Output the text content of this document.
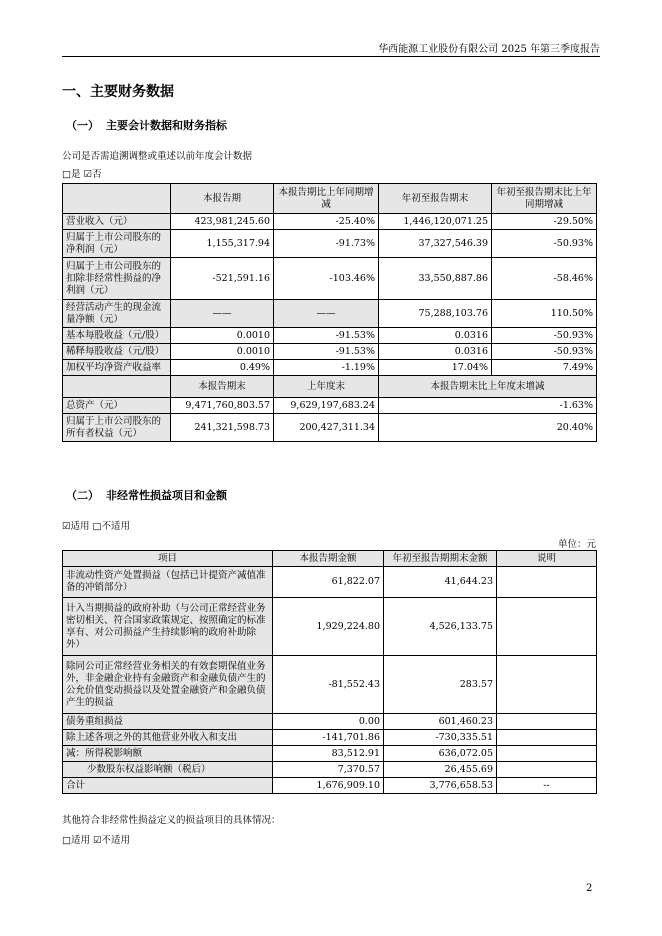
华西能源工业股份有限公司 2025 年第三季度报告
一、主要财务数据
（一） 主要会计数据和财务指标
公司是否需追溯调整或重述以前年度会计数据
□是 ☑否
	本报告期	本报告期比上年同期增减	年初至报告期末	年初至报告期末比上年同期增减
营业收入（元）	423,981,245.60	-25.40%	1,446,120,071.25	-29.50%
归属于上市公司股东的净利润（元）	1,155,317.94	-91.73%	37,327,546.39	-50.93%
归属于上市公司股东的扣除非经常性损益的净利润（元）	-521,591.16	-103.46%	33,550,887.86	-58.46%
经营活动产生的现金流量净额（元）	——	——	75,288,103.76	110.50%
基本每股收益（元/股）	0.0010	-91.53%	0.0316	-50.93%
稀释每股收益（元/股）	0.0010	-91.53%	0.0316	-50.93%
加权平均净资产收益率	0.49%	-1.19%	17.04%	7.49%
	本报告期末	上年度末	本报告期末比上年度末增减	
总资产（元）	9,471,760,803.57	9,629,197,683.24	-1.63%	
归属于上市公司股东的所有者权益（元）	241,321,598.73	200,427,311.34	20.40%	
（二） 非经常性损益项目和金额
☑适用 □不适用
单位：元
项目	本报告期金额	年初至报告期期末金额	说明
非流动性资产处置损益（包括已计提资产减值准备的冲销部分）	61,822.07	41,644.23	
计入当期损益的政府补助（与公司正常经营业务密切相关、符合国家政策规定、按照确定的标准享有、对公司损益产生持续影响的政府补助除外）	1,929,224.80	4,526,133.75	
除同公司正常经营业务相关的有效套期保值业务外，非金融企业持有金融资产和金融负债产生的公允价值变动损益以及处置金融资产和金融负债产生的损益	-81,552.43	283.57	
债务重组损益	0.00	601,460.23	
除上述各项之外的其他营业外收入和支出	-141,701.86	-730,335.51	
减：所得税影响额	83,512.91	636,072.05	
少数股东权益影响额（税后）	7,370.57	26,455.69	
合计	1,676,909.10	3,776,658.53	--
其他符合非经常性损益定义的损益项目的具体情况：
□适用 ☑不适用
2
